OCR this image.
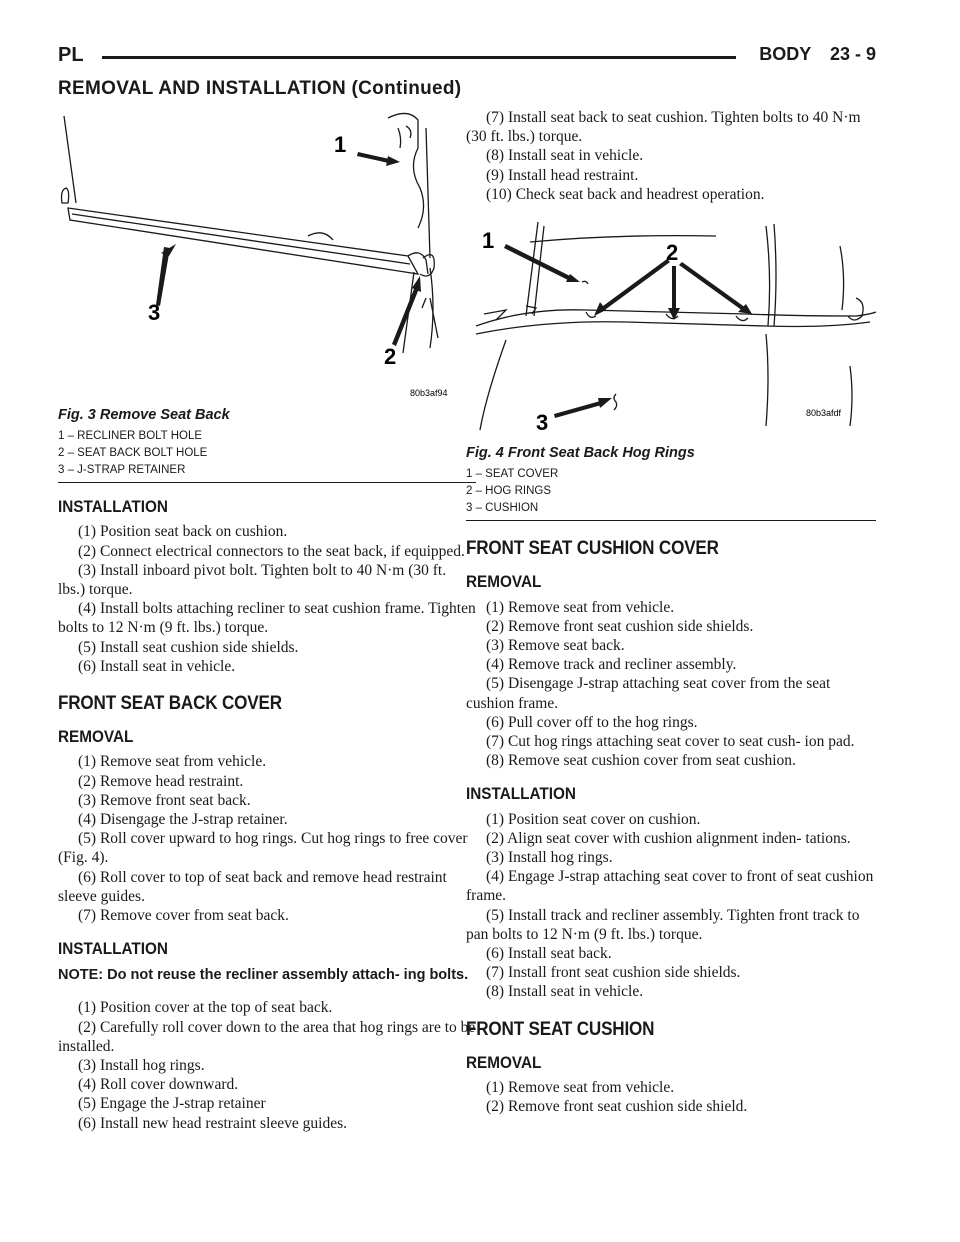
PL	BODY 23 - 9
REMOVAL AND INSTALLATION (Continued)
1
2
3
80b3af94
Fig. 3 Remove Seat Back
1 – RECLINER BOLT HOLE
2 – SEAT BACK BOLT HOLE
3 – J-STRAP RETAINER
INSTALLATION

(1) Position seat back on cushion.

(2) Connect electrical connectors to the seat back, if equipped.

(3) Install inboard pivot bolt. Tighten bolt to 40 N·m (30 ft. lbs.) torque.

(4) Install bolts attaching recliner to seat cushion frame. Tighten bolts to 12 N·m (9 ft. lbs.) torque.

(5) Install seat cushion side shields.

(6) Install seat in vehicle.

FRONT SEAT BACK COVER
REMOVAL

(1) Remove seat from vehicle.

(2) Remove head restraint.

(3) Remove front seat back.

(4) Disengage the J-strap retainer.

(5) Roll cover upward to hog rings. Cut hog rings to free cover (Fig. 4).

(6) Roll cover to top of seat back and remove head restraint sleeve guides.

(7) Remove cover from seat back.

INSTALLATION
NOTE: Do not reuse the recliner assembly attach- ing bolts.

(1) Position cover at the top of seat back.

(2) Carefully roll cover down to the area that hog rings are to be installed.

(3) Install hog rings.

(4) Roll cover downward.

(5) Engage the J-strap retainer

(6) Install new head restraint sleeve guides.

(7) Install seat back to seat cushion. Tighten bolts to 40 N·m (30 ft. lbs.) torque.

(8) Install seat in vehicle.

(9) Install head restraint.

(10) Check seat back and headrest operation.

1	2
3	80b3afdf
Fig. 4 Front Seat Back Hog Rings
1 – SEAT COVER
2 – HOG RINGS
3 – CUSHION
FRONT SEAT CUSHION COVER
REMOVAL

(1) Remove seat from vehicle.

(2) Remove front seat cushion side shields.

(3) Remove seat back.

(4) Remove track and recliner assembly.

(5) Disengage J-strap attaching seat cover from the seat cushion frame.

(6) Pull cover off to the hog rings.

(7) Cut hog rings attaching seat cover to seat cush- ion pad.

(8) Remove seat cushion cover from seat cushion.

INSTALLATION

(1) Position seat cover on cushion.

(2) Align seat cover with cushion alignment inden- tations.

(3) Install hog rings.

(4) Engage J-strap attaching seat cover to front of seat cushion frame.

(5) Install track and recliner assembly. Tighten front track to pan bolts to 12 N·m (9 ft. lbs.) torque.

(6) Install seat back.

(7) Install front seat cushion side shields.

(8) Install seat in vehicle.

FRONT SEAT CUSHION
REMOVAL

(1) Remove seat from vehicle.

(2) Remove front seat cushion side shield.
